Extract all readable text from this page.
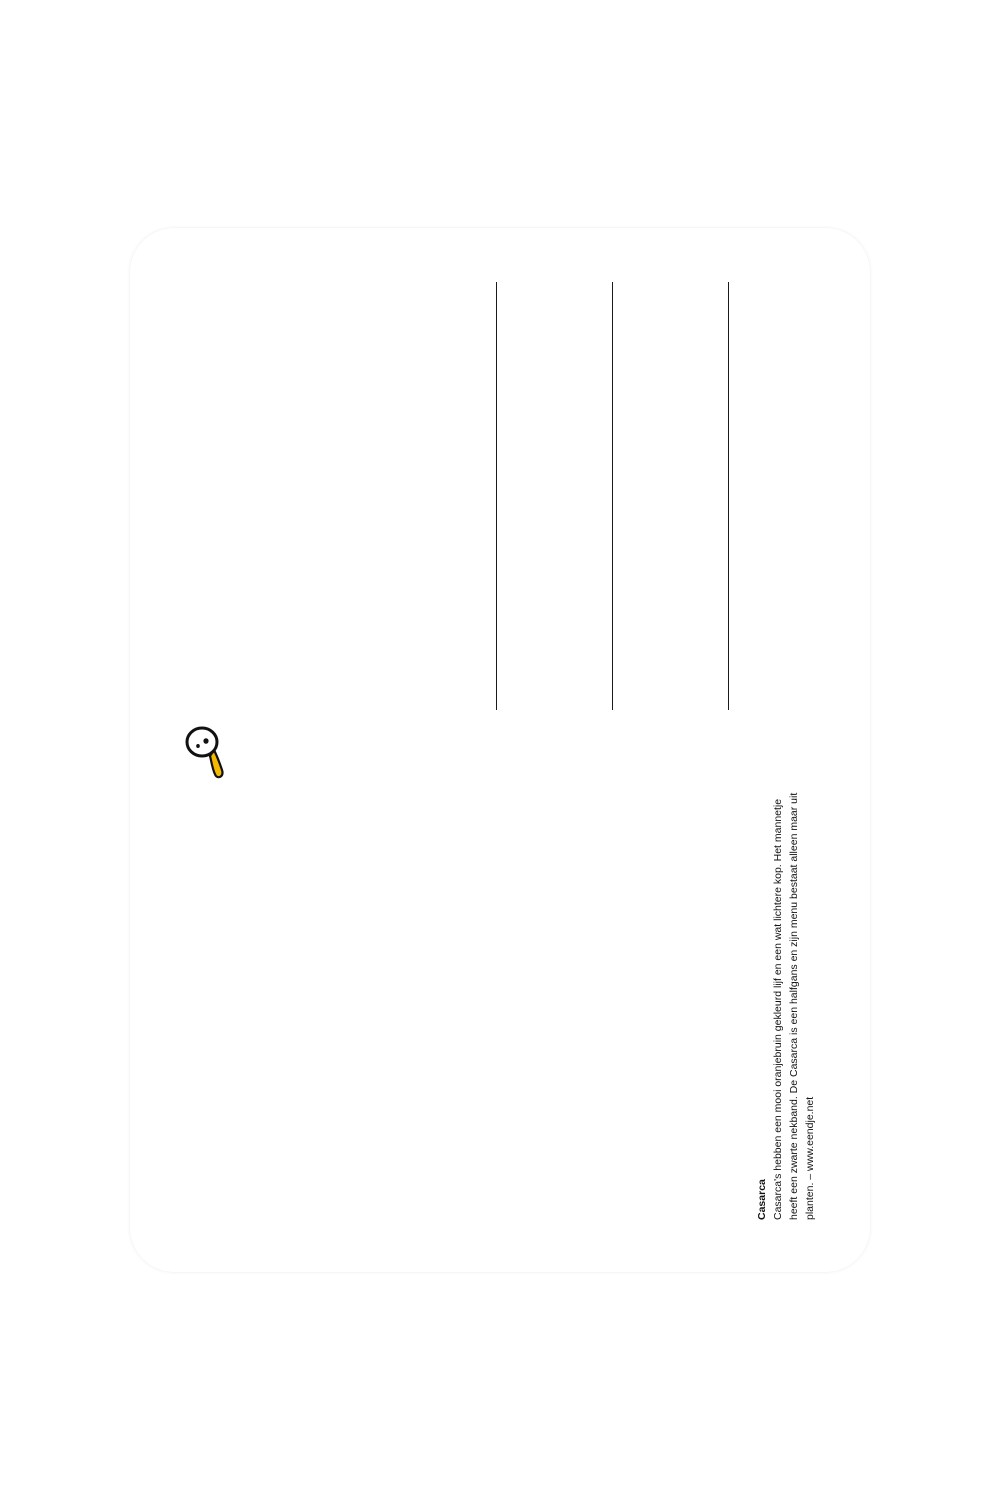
Casarca Casarca's hebben een mooi oranjebruin gekleurd lijf en een wat lichtere kop. Het mannetje heeft een zwarte nekband. De Casarca is een halfgans en zijn menu bestaat alleen maar uit planten. – www.eendje.net
